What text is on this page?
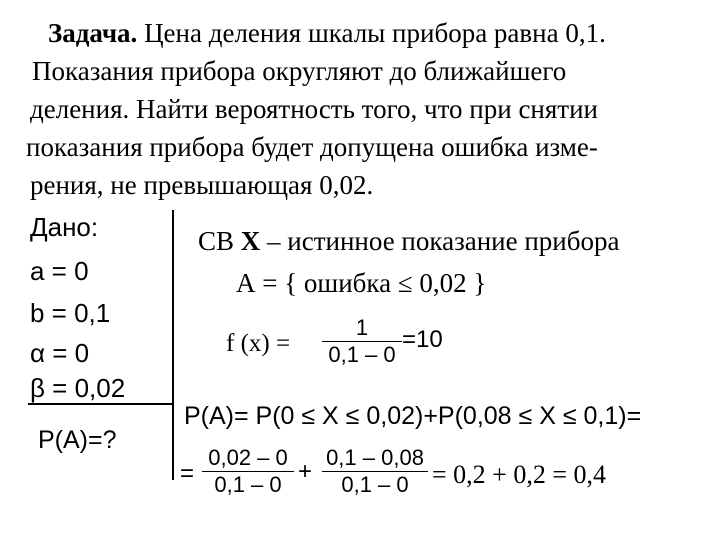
Задача. Цена деления шкалы прибора равна 0,1.
Показания прибора округляют до ближайшего
деления. Найти вероятность того, что при снятии
показания прибора будет допущена ошибка изме-
рения, не превышающая 0,02.
Дано:
a = 0
b = 0,1
α = 0
β = 0,02
P(A)=?
СВ X – истинное показание прибора
А = { ошибка ≤ 0,02 }
f (x) =
1
0,1 – 0
=10
P(A)= P(0 ≤ X ≤ 0,02)+P(0,08 ≤ X ≤ 0,1)=
=
0,02 – 0
0,1 – 0 +
0,1 – 0,08
0,1 – 0 = 0,2 + 0,2 = 0,4
